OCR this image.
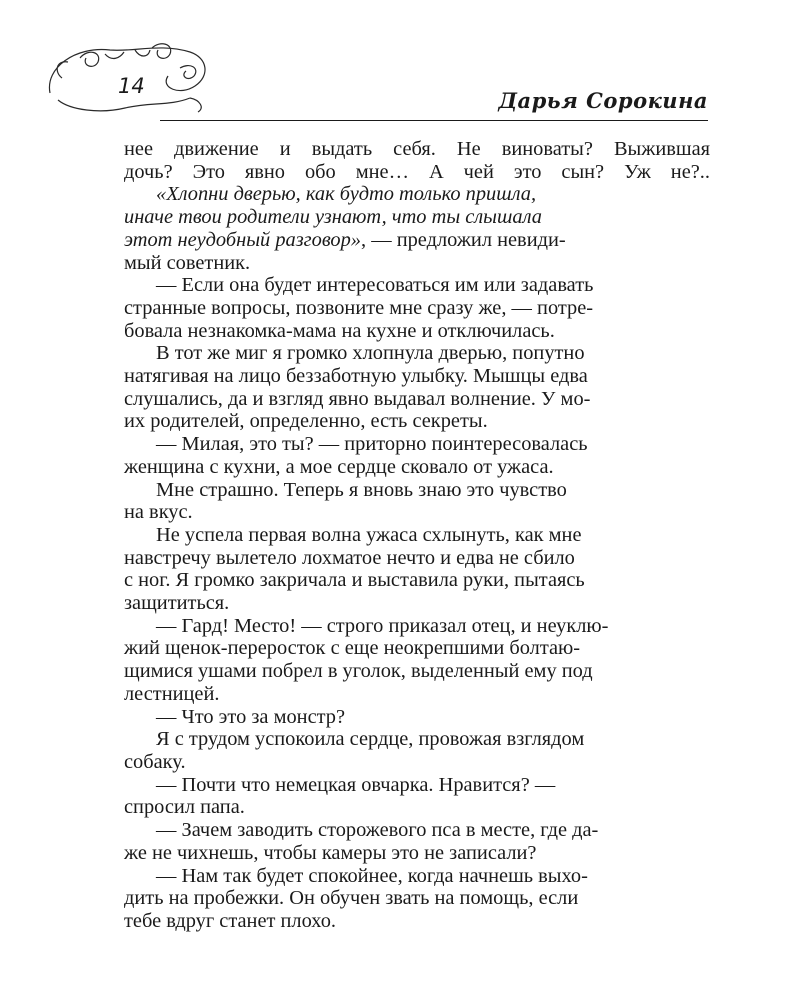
14
Дарья Сорокина

нее движение и выдать себя. Не виноваты? Выжившая
дочь? Это явно обо мне… А чей это сын? Уж не?..

«Хлопни дверью, как будто только пришла,
иначе твои родители узнают, что ты слышала
этот неудобный разговор», — предложил невиди-
мый советник.

— Если она будет интересоваться им или задавать
странные вопросы, позвоните мне сразу же, — потре-
бовала незнакомка-мама на кухне и отключилась.

В тот же миг я громко хлопнула дверью, попутно
натягивая на лицо беззаботную улыбку. Мышцы едва
слушались, да и взгляд явно выдавал волнение. У мо-
их родителей, определенно, есть секреты.

— Милая, это ты? — приторно поинтересовалась
женщина с кухни, а мое сердце сковало от ужаса.

Мне страшно. Теперь я вновь знаю это чувство
на вкус.

Не успела первая волна ужаса схлынуть, как мне
навстречу вылетело лохматое нечто и едва не сбило
с ног. Я громко закричала и выставила руки, пытаясь
защититься.

— Гард! Место! — строго приказал отец, и неуклю-
жий щенок-переросток с еще неокрепшими болтаю-
щимися ушами побрел в уголок, выделенный ему под
лестницей.

— Что это за монстр?

Я с трудом успокоила сердце, провожая взглядом
собаку.

— Почти что немецкая овчарка. Нравится? —
спросил папа.

— Зачем заводить сторожевого пса в месте, где да-
же не чихнешь, чтобы камеры это не записали?

— Нам так будет спокойнее, когда начнешь выхо-
дить на пробежки. Он обучен звать на помощь, если
тебе вдруг станет плохо.
